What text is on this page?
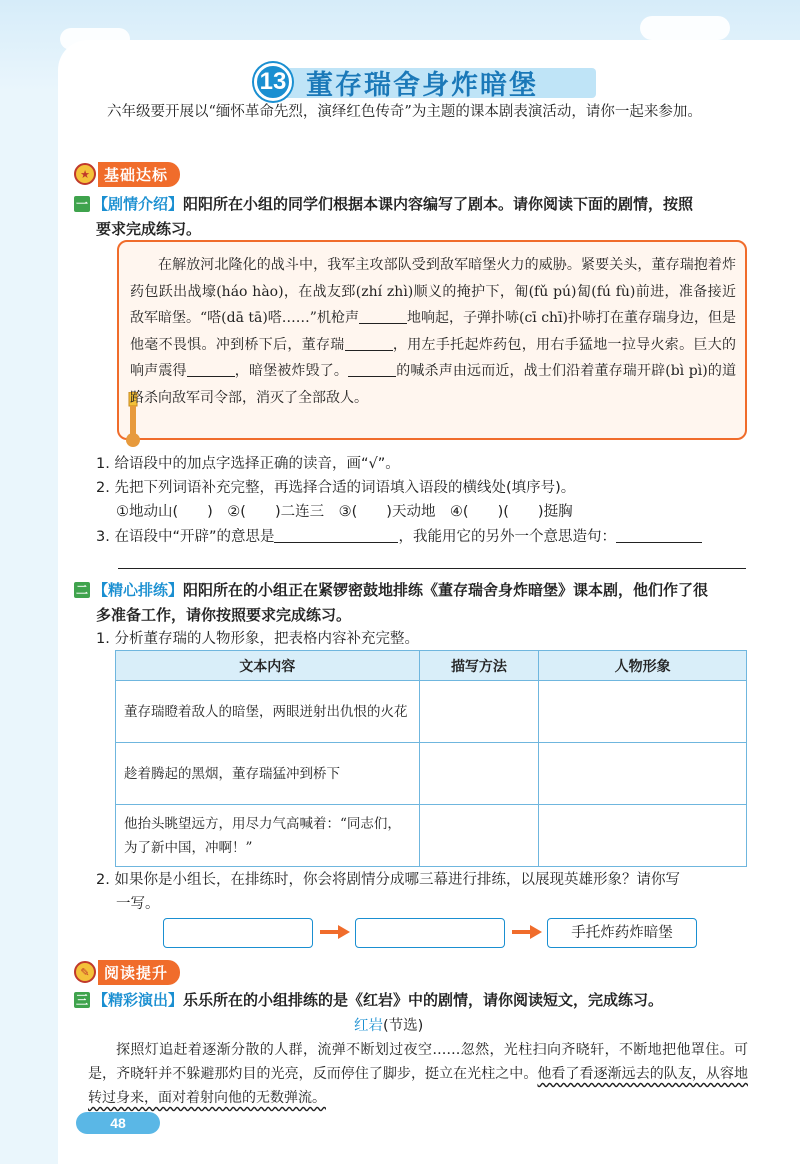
13 董存瑞舍身炸暗堡
六年级要开展以“缅怀革命先烈，演绎红色传奇”为主题的课本剧表演活动，请你一起来参加。
★ 基础达标
一 【剧情介绍】阳阳所在小组的同学们根据本课内容编写了剧本。请你阅读下面的剧情，按照
要求完成练习。
在解放河北隆化的战斗中，我军主攻部队受到敌军暗堡火力的威胁。紧要关头，董存瑞抱着炸药包跃出战壕(háo hào)，在战友郅(zhí zhì)顺义的掩护下，匍(fǔ pú)匐(fú fù)前进，准备接近敌军暗堡。“嗒(dā tā)嗒……”机枪声	地响起，子弹扑哧(cī chī)扑哧打在董存瑞身边，但是他毫不畏惧。冲到桥下后，董存瑞	，用左手托起炸药包，用右手猛地一拉导火索。巨大的响声震得	，暗堡被炸毁了。	的喊杀声由远而近，战士们沿着董存瑞开辟(bì pì)的道路杀向敌军司令部，消灭了全部敌人。
1. 给语段中的加点字选择正确的读音，画“√”。
2. 先把下列词语补充完整，再选择合适的词语填入语段的横线处(填序号)。
①地动山(　　)　②(　　)二连三　③(　　)天动地　④(　　)(　　)挺胸
3. 在语段中“开辟”的意思是	，我能用它的另外一个意思造句：
二 【精心排练】阳阳所在的小组正在紧锣密鼓地排练《董存瑞舍身炸暗堡》课本剧，他们作了很
多准备工作，请你按照要求完成练习。
1. 分析董存瑞的人物形象，把表格内容补充完整。
文本内容	描写方法	人物形象
董存瑞瞪着敌人的暗堡，两眼迸射出仇恨的火花		
趁着腾起的黑烟，董存瑞猛冲到桥下		
他抬头眺望远方，用尽力气高喊着：“同志们，为了新中国，冲啊！”		
2. 如果你是小组长，在排练时，你会将剧情分成哪三幕进行排练，以展现英雄形象？请你写
一写。
手托炸药炸暗堡
✎ 阅读提升
三 【精彩演出】乐乐所在的小组排练的是《红岩》中的剧情，请你阅读短文，完成练习。
红岩(节选)
探照灯追赶着逐渐分散的人群，流弹不断划过夜空……忽然，光柱扫向齐晓轩，不断地把他罩住。可是，齐晓轩并不躲避那灼目的光亮，反而停住了脚步，挺立在光柱之中。他看了看逐渐远去的队友，从容地转过身来，面对着射向他的无数弹流。
48
